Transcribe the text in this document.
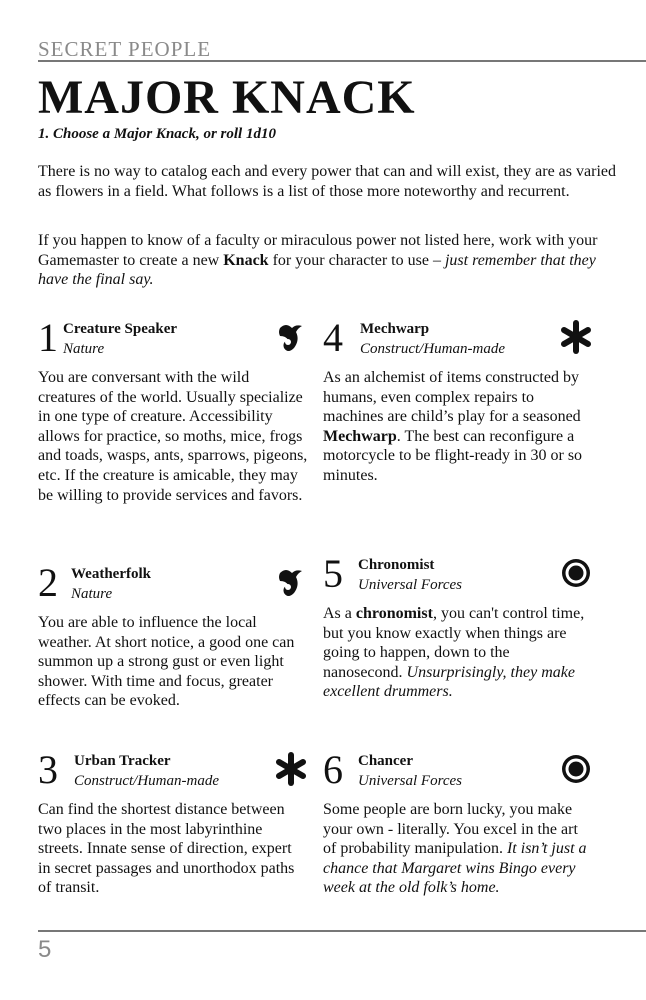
SECRET PEOPLE
MAJOR KNACK
1. Choose a Major Knack, or roll 1d10
There is no way to catalog each and every power that can and will exist, they are as varied as flowers in a field. What follows is a list of those more noteworthy and recurrent.
If you happen to know of a faculty or miraculous power not listed here, work with your Gamemaster to create a new Knack for your character to use – just remember that they have the final say.
1 Creature Speaker
Nature
You are conversant with the wild creatures of the world. Usually specialize in one type of creature. Accessibility allows for practice, so moths, mice, frogs and toads, wasps, ants, sparrows, pigeons, etc. If the creature is amicable, they may be willing to provide services and favors.
2 Weatherfolk
Nature
You are able to influence the local weather. At short notice, a good one can summon up a strong gust or even light shower. With time and focus, greater effects can be evoked.
3 Urban Tracker
Construct/Human-made
Can find the shortest distance between two places in the most labyrinthine streets. Innate sense of direction, expert in secret passages and unorthodox paths of transit.
4 Mechwarp
Construct/Human-made
As an alchemist of items constructed by humans, even complex repairs to machines are child’s play for a seasoned Mechwarp. The best can reconfigure a motorcycle to be flight-ready in 30 or so minutes.
5 Chronomist
Universal Forces
As a chronomist, you can't control time, but you know exactly when things are going to happen, down to the nanosecond. Unsurprisingly, they make excellent drummers.
6 Chancer
Universal Forces
Some people are born lucky, you make your own - literally. You excel in the art of probability manipulation. It isn’t just a chance that Margaret wins Bingo every week at the old folk’s home.
5
